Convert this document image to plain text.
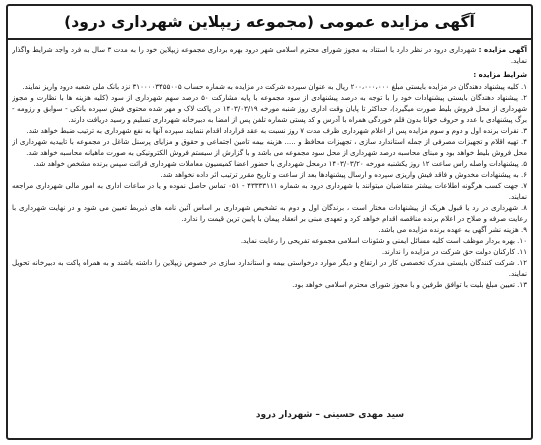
آگهی مزایده عمومی (مجموعه زیپلاین شهرداری درود)

آگهی مزایده : شهرداری درود در نظر دارد با استناد به مجوز شورای محترم اسلامی شهر درود بهره برداری مجموعه زیپلاین خود را به مدت ۳ سال به فرد واجد شرایط واگذار نماید.

شرایط مزایده :

۱. کلیه پیشنهاد دهندگان در مزایده بایستی مبلغ ۲۰۰،۰۰۰،۰۰۰ ریال به عنوان سپرده شرکت در مزایده به شماره حساب ۳۱۰۰۰۰۳۴۵۵۰۰۵ نزد بانک ملی شعبه درود واریز نمایند.

۲. پیشنهاد دهندگان بایستی پیشنهادات خود را با توجه به درصد پیشنهادی از سود مجموعه با پایه مشارکت ۵۰ درصد سهم شهرداری از سود (کلیه هزینه ها با نظارت و مجوز شهرداری از محل فروش بلیط صورت میگیرد)، حداکثر تا پایان وقت اداری روز شنبه مورخه ۱۴۰۳/۰۳/۱۹ در پاکت لاک و مهر شده محتوی فیش سپرده بانکی - سوابق و رزومه - برگ پیشنهادی با عدد و حروف خوانا بدون قلم خوردگی همراه با آدرس و کد پستی شماره تلفن پس از امضا به دبیرخانه شهرداری تسلیم و رسید دریافت دارند.

۳. نفرات برنده اول و دوم و سوم مزایده پس از اعلام شهرداری ظرف مدت ۷ روز نسبت به عقد قرارداد اقدام ننمایند سپرده آنها به نفع شهرداری به ترتیب ضبط خواهد شد.

۴. تهیه اقلام و تجهیزات مصرفی از جمله استاندارد سازی ، تجهیزات محافظ و ..... هزینه بیمه تامین اجتماعی و حقوق و مزایای پرسنل شاغل در مجموعه با تاییدیه شهرداری از محل فروش بلیط خواهد بود و مبنای محاسبه درصد شهرداری از محل سود مجموعه می باشد و با گزارش از سیستم فروش الکترونیکی به صورت ماهیانه محاسبه خواهد شد.

۵. پیشنهادات واصله راس ساعت ۱۲ روز یکشنبه مورخه ۱۴۰۳/۰۳/۲۰ درمحل شهرداری با حضور اعضا کمیسیون معاملات شهرداری قرائت سپس برنده مشخص خواهد شد.

۶. به پیشنهادات مخدوش و فاقد فیش واریزی سپرده و ارسال پیشنهادها بعد از ساعت و تاریخ مقرر ترتیب اثر داده نخواهد شد.

۷. جهت کسب هرگونه اطلاعات بیشتر متقاضیان میتوانند با شهرداری درود به شماره ۴۳۳۳۳۱۱۱ - ۰۵۱ تماس حاصل نموده و یا در ساعات اداری به امور مالی شهرداری مراجعه نمایند.

۸. شهرداری در رد یا قبول هریک از پیشنهادات مختار است ، برندگان اول و دوم به تشخیص شهرداری بر اساس آئین نامه های ذیربط تعیین می شود و در نهایت شهرداری با رعایت صرفه و صلاح در اعلام برنده مناقصه اقدام خواهد کرد و تعهدی مبنی بر انعقاد پیمان با پایین ترین قیمت را ندارد.

۹. هزینه نشر آگهی به عهده برنده مزایده می باشد.

۱۰. بهره بردار موظف است کلیه مسائل ایمنی و شئونات اسلامی مجموعه تفریحی را رعایت نماید.

۱۱. کارکنان دولت حق شرکت در مزایده را ندارند.

۱۲. شرکت کنندگان بایستی مدرک تخصصی کار در ارتفاع و دیگر موارد درخواستی بیمه و استاندارد سازی در خصوص زیپلاین را داشته باشند و به همراه پاکت به دبیرخانه تحویل نمایند.

۱۳. تعیین مبلغ بلیت با توافق طرفین و با مجوز شورای محترم اسلامی خواهد بود.

سید مهدی حسینی – شهردار درود
